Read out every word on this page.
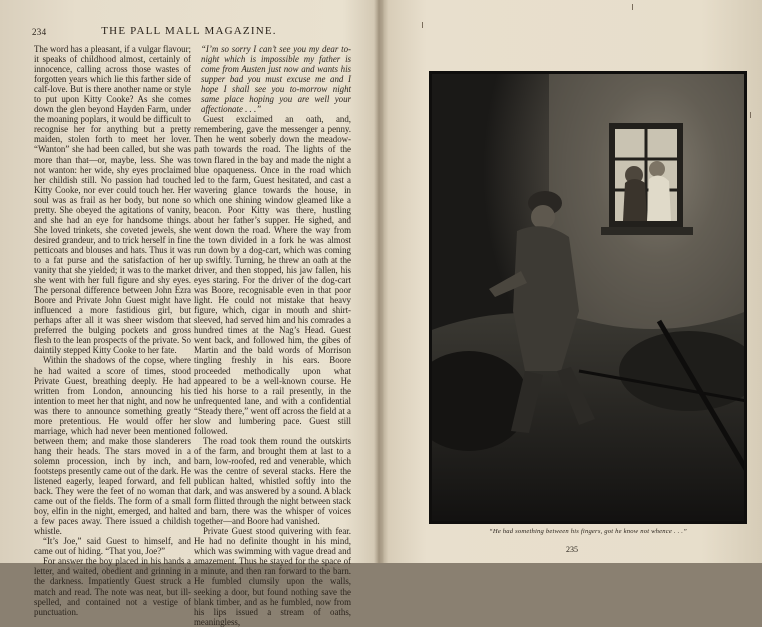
234	THE PALL MALL MAGAZINE.

The word has a pleasant, if a vulgar flavour; it speaks of childhood almost, certainly of innocence, calling across those wastes of forgotten years which lie this farther side of calf-love. But is there another name or style to put upon Kitty Cooke? As she comes down the glen beyond Hayden Farm, under the moaning poplars, it would be difficult to recognise her for anything but a pretty maiden, stolen forth to meet her lover. “Wanton” she had been called, but she was more than that—or, maybe, less. She was not wanton: her wide, shy eyes proclaimed her childish still. No passion had touched Kitty Cooke, nor ever could touch her. Her soul was as frail as her body, but none so pretty. She obeyed the agitations of vanity, and she had an eye for handsome things. She loved trinkets, she coveted jewels, she desired grandeur, and to trick herself in fine petticoats and blouses and hats. Thus it was to a fat purse and the satisfaction of her vanity that she yielded; it was to the market she went with her full figure and shy eyes. The personal difference between John Ezra Boore and Private John Guest might have influenced a more fastidious girl, but perhaps after all it was sheer wisdom that preferred the bulging pockets and gross flesh to the lean prospects of the private. So daintily stepped Kitty Cooke to her fate.

Within the shadows of the copse, where he had waited a score of times, stood Private Guest, breathing deeply. He had written from London, announcing his intention to meet her that night, and now he was there to announce something greatly more pretentious. He would offer her marriage, which had never been mentioned between them; and make those slanderers hang their heads. The stars moved in a solemn procession, inch by inch, and footsteps presently came out of the dark. He listened eagerly, leaped forward, and fell back. They were the feet of no woman that came out of the fields. The form of a small boy, elfin in the night, emerged, and halted a few paces away. There issued a childish whistle.

“It’s Joe,” said Guest to himself, and came out of hiding. “That you, Joe?”

For answer the boy placed in his hands a letter, and waited, obedient and grinning in the darkness. Impatiently Guest struck a match and read. The note was neat, but ill-spelled, and contained not a vestige of punctuation.

“I’m so sorry I can’t see you my dear to-night which is impossible my father is come from Austen just now and wants his supper bad you must excuse me and I hope I shall see you to-morrow night same place hoping you are well your affectionate . . .”

Guest exclaimed an oath, and, remembering, gave the messenger a penny. Then he went soberly down the meadow-path towards the road. The lights of the town flared in the bay and made the night a blue opaqueness. Once in the road which led to the farm, Guest hesitated, and cast a wavering glance towards the house, in which one shining window gleamed like a beacon. Poor Kitty was there, hustling about her father’s supper. He sighed, and went down the road. Where the way from the town divided in a fork he was almost run down by a dog-cart, which was coming up swiftly. Turning, he threw an oath at the driver, and then stopped, his jaw fallen, his eyes staring. For the driver of the dog-cart was Boore, recognisable even in that poor light. He could not mistake that heavy figure, which, cigar in mouth and shirt-sleeved, had served him and his comrades a hundred times at the Nag’s Head. Guest went back, and followed him, the gibes of Martin and the bald words of Morrison tingling freshly in his ears. Boore proceeded methodically upon what appeared to be a well-known course. He tied his horse to a rail presently, in the unfrequented lane, and with a confidential “Steady there,” went off across the field at a slow and lumbering pace. Guest still followed.

The road took them round the outskirts of the farm, and brought them at last to a barn, low-roofed, red and venerable, which was the centre of several stacks. Here the publican halted, whistled softly into the dark, and was answered by a sound. A black form flitted through the night between stack and barn, there was the whisper of voices together—and Boore had vanished.

Private Guest stood quivering with fear. He had no definite thought in his mind, which was swimming with vague dread and amazement. Thus he stayed for the space of a minute, and then ran forward to the barn. He fumbled clumsily upon the walls, seeking a door, but found nothing save the blank timber, and as he fumbled, now from his lips issued a stream of oaths, meaningless,

“He had something between his fingers, got he know not whence . . .”
235
